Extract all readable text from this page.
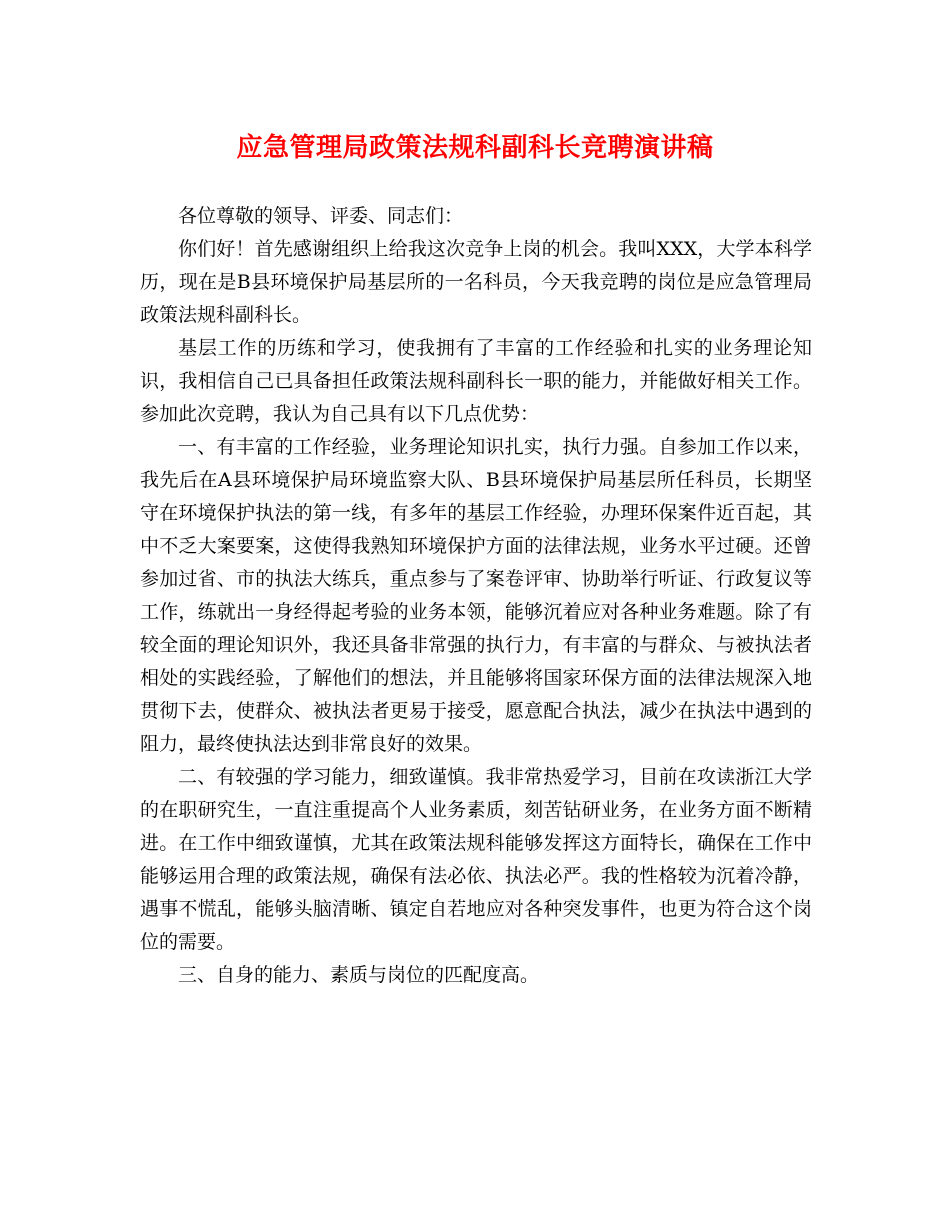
应急管理局政策法规科副科长竞聘演讲稿

各位尊敬的领导、评委、同志们：

你们好！首先感谢组织上给我这次竞争上岗的机会。我叫XXX，大学本科学历，现在是B县环境保护局基层所的一名科员，今天我竞聘的岗位是应急管理局政策法规科副科长。

基层工作的历练和学习，使我拥有了丰富的工作经验和扎实的业务理论知识，我相信自己已具备担任政策法规科副科长一职的能力，并能做好相关工作。参加此次竞聘，我认为自己具有以下几点优势：

一、有丰富的工作经验，业务理论知识扎实，执行力强。自参加工作以来，我先后在A县环境保护局环境监察大队、B县环境保护局基层所任科员，长期坚守在环境保护执法的第一线，有多年的基层工作经验，办理环保案件近百起，其中不乏大案要案，这使得我熟知环境保护方面的法律法规，业务水平过硬。还曾参加过省、市的执法大练兵，重点参与了案卷评审、协助举行听证、行政复议等工作，练就出一身经得起考验的业务本领，能够沉着应对各种业务难题。除了有较全面的理论知识外，我还具备非常强的执行力，有丰富的与群众、与被执法者相处的实践经验，了解他们的想法，并且能够将国家环保方面的法律法规深入地贯彻下去，使群众、被执法者更易于接受，愿意配合执法，减少在执法中遇到的阻力，最终使执法达到非常良好的效果。

二、有较强的学习能力，细致谨慎。我非常热爱学习，目前在攻读浙江大学的在职研究生，一直注重提高个人业务素质，刻苦钻研业务，在业务方面不断精进。在工作中细致谨慎，尤其在政策法规科能够发挥这方面特长，确保在工作中能够运用合理的政策法规，确保有法必依、执法必严。我的性格较为沉着冷静，遇事不慌乱，能够头脑清晰、镇定自若地应对各种突发事件，也更为符合这个岗位的需要。

三、自身的能力、素质与岗位的匹配度高。
